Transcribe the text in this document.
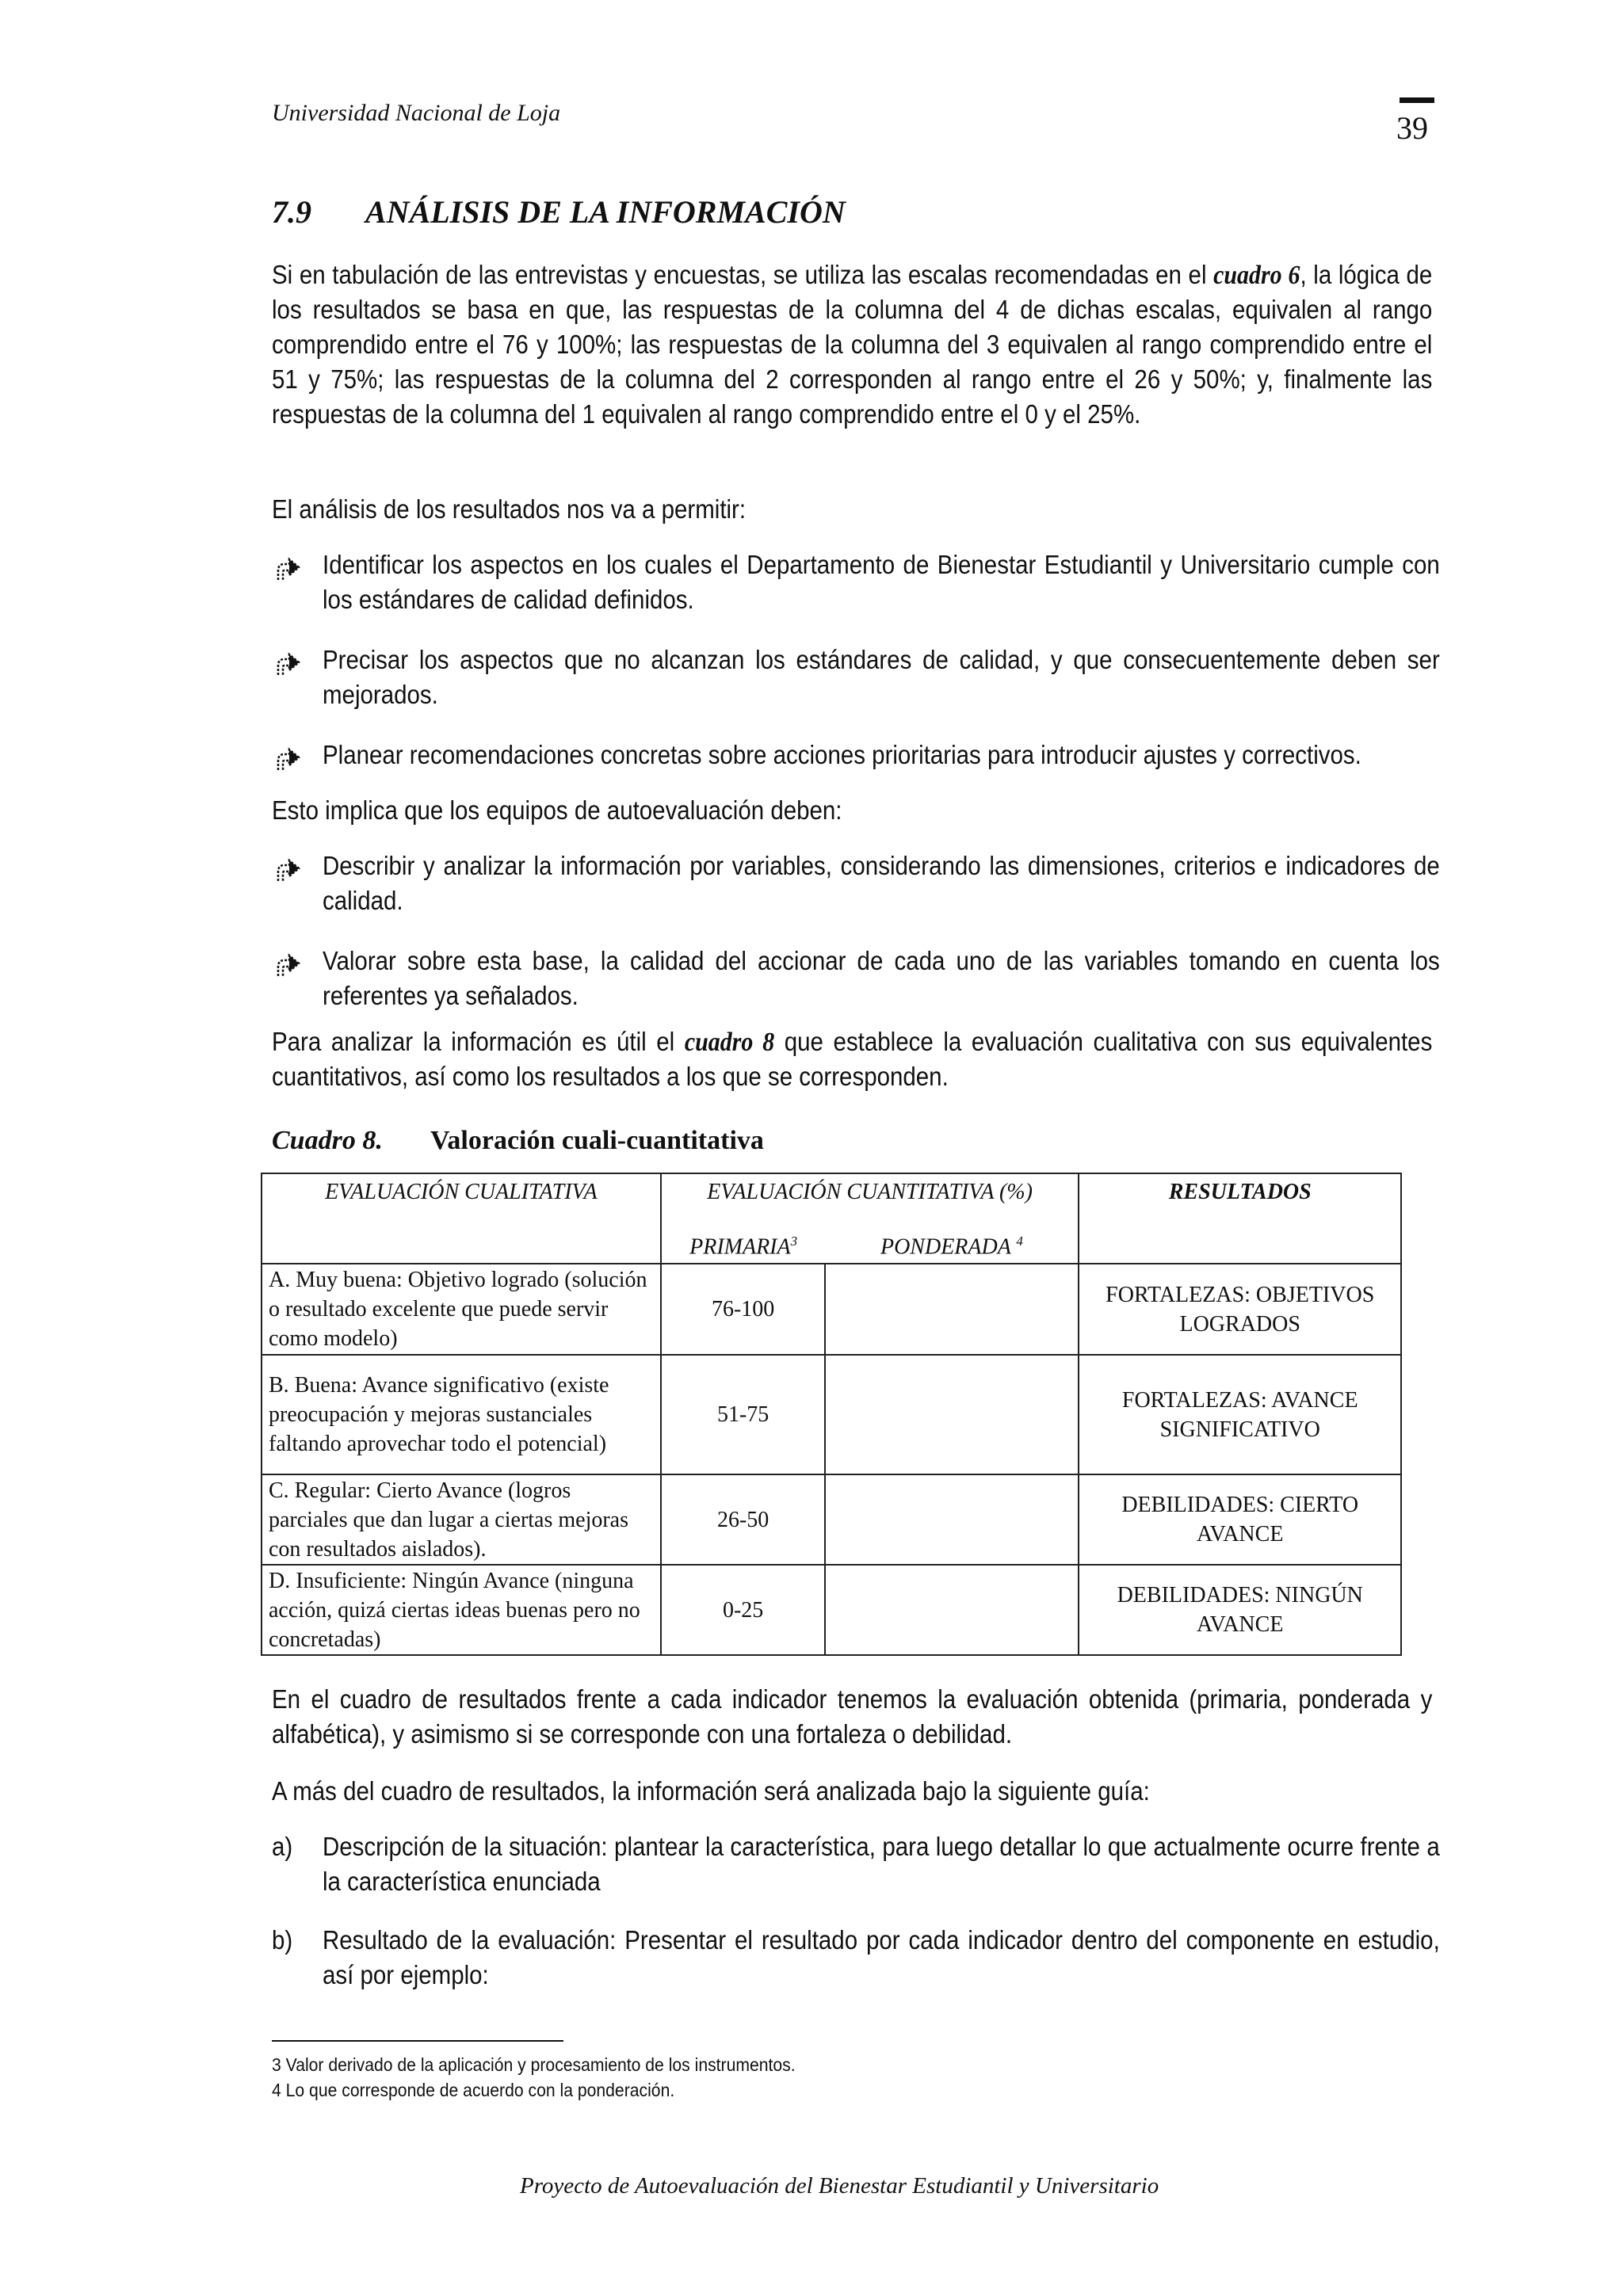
Universidad Nacional de Loja	39
7.9 ANÁLISIS DE LA INFORMACIÓN
Si en tabulación de las entrevistas y encuestas, se utiliza las escalas recomendadas en el cuadro 6, la lógica de los resultados se basa en que, las respuestas de la columna del 4 de dichas escalas, equivalen al rango comprendido entre el 76 y 100%; las respuestas de la columna del 3 equivalen al rango comprendido entre el 51 y 75%; las respuestas de la columna del 2 corresponden al rango entre el 26 y 50%; y, finalmente las respuestas de la columna del 1 equivalen al rango comprendido entre el 0 y el 25%.
El análisis de los resultados nos va a permitir:
Identificar los aspectos en los cuales el Departamento de Bienestar Estudiantil y Universitario cumple con los estándares de calidad definidos.
Precisar los aspectos que no alcanzan los estándares de calidad, y que consecuentemente deben ser mejorados.
Planear recomendaciones concretas sobre acciones prioritarias para introducir ajustes y correctivos.
Esto implica que los equipos de autoevaluación deben:
Describir y analizar la información por variables, considerando las dimensiones, criterios e indicadores de calidad.
Valorar sobre esta base, la calidad del accionar de cada uno de las variables tomando en cuenta los referentes ya señalados.
Para analizar la información es útil el cuadro 8 que establece la evaluación cualitativa con sus equivalentes cuantitativos, así como los resultados a los que se corresponden.
Cuadro 8. Valoración cuali-cuantitativa
EVALUACIÓN CUALITATIVA	EVALUACIÓN CUANTITATIVA (%)		RESULTADOS
	PRIMARIA$^3$	PONDERADA $^4$
A. Muy buena: Objetivo logrado (solución o resultado excelente que puede servir como modelo)	76-100		FORTALEZAS: OBJETIVOS LOGRADOS
B. Buena: Avance significativo (existe preocupación y mejoras sustanciales faltando aprovechar todo el potencial)	51-75		FORTALEZAS: AVANCE SIGNIFICATIVO
C. Regular: Cierto Avance (logros parciales que dan lugar a ciertas mejoras con resultados aislados).	26-50		DEBILIDADES: CIERTO AVANCE
D. Insuficiente: Ningún Avance (ninguna acción, quizá ciertas ideas buenas pero no concretadas)	0-25		DEBILIDADES: NINGÚN AVANCE
En el cuadro de resultados frente a cada indicador tenemos la evaluación obtenida (primaria, ponderada y alfabética), y asimismo si se corresponde con una fortaleza o debilidad.
A más del cuadro de resultados, la información será analizada bajo la siguiente guía:
a) Descripción de la situación: plantear la característica, para luego detallar lo que actualmente ocurre frente a la característica enunciada
b) Resultado de la evaluación: Presentar el resultado por cada indicador dentro del componente en estudio, así por ejemplo:
3 Valor derivado de la aplicación y procesamiento de los instrumentos.
4 Lo que corresponde de acuerdo con la ponderación.
Proyecto de Autoevaluación del Bienestar Estudiantil y Universitario
